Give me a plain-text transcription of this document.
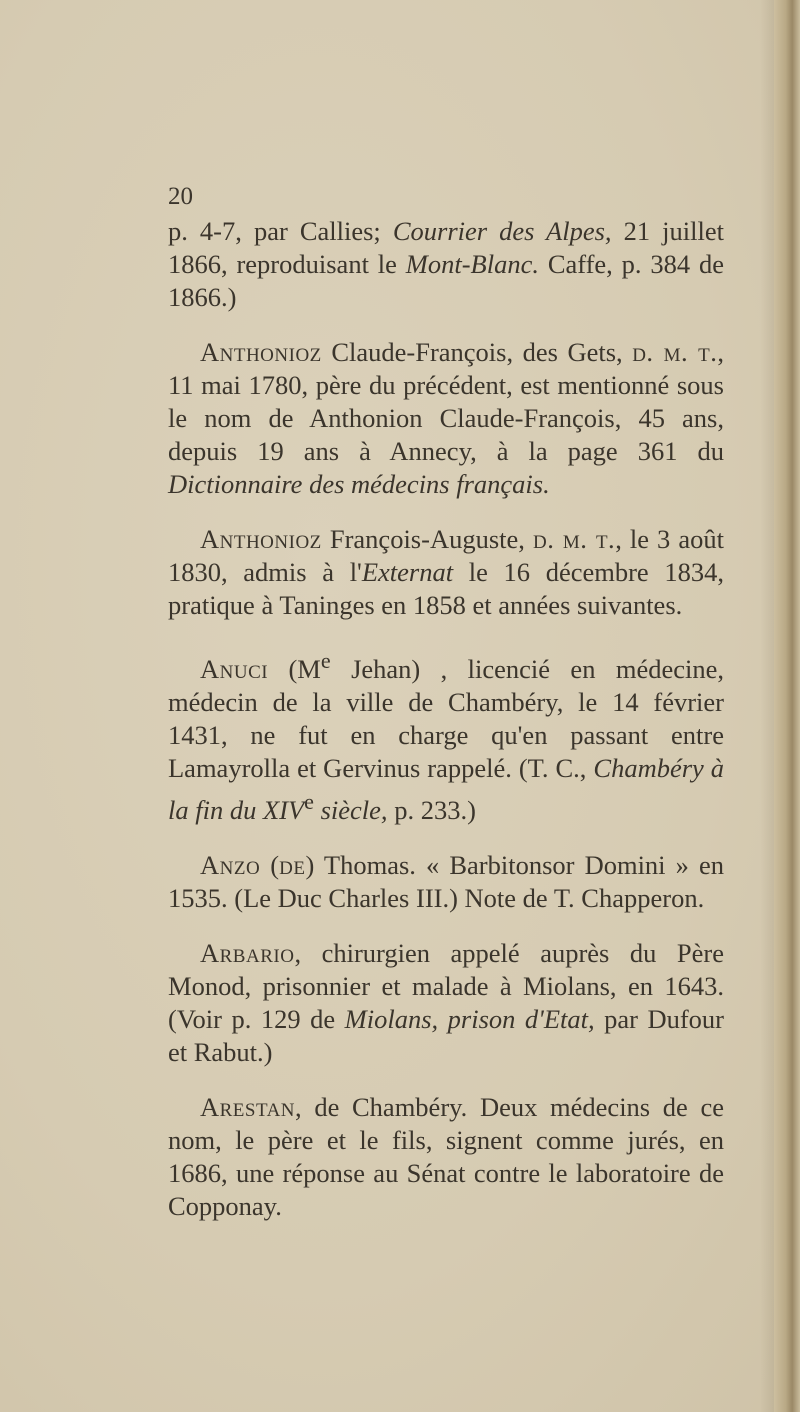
20

p. 4-7, par Callies; Courrier des Alpes, 21 juillet 1866, reproduisant le Mont-Blanc. Caffe, p. 384 de 1866.)

Anthonioz Claude-François, des Gets, d. m. t., 11 mai 1780, père du précédent, est mentionné sous le nom de Anthonion Claude-François, 45 ans, depuis 19 ans à Annecy, à la page 361 du Dictionnaire des médecins français.

Anthonioz François-Auguste, d. m. t., le 3 août 1830, admis à l'Externat le 16 décembre 1834, pratique à Taninges en 1858 et années suivantes.

Anuci (Me Jehan) , licencié en médecine, médecin de la ville de Chambéry, le 14 février 1431, ne fut en charge qu'en passant entre Lamayrolla et Gervinus rappelé. (T. C., Chambéry à la fin du XIVe siècle, p. 233.)

Anzo (de) Thomas. « Barbitonsor Domini » en 1535. (Le Duc Charles III.) Note de T. Chapperon.

Arbario, chirurgien appelé auprès du Père Monod, prisonnier et malade à Miolans, en 1643. (Voir p. 129 de Miolans, prison d'Etat, par Dufour et Rabut.)

Arestan, de Chambéry. Deux médecins de ce nom, le père et le fils, signent comme jurés, en 1686, une réponse au Sénat contre le laboratoire de Copponay.
